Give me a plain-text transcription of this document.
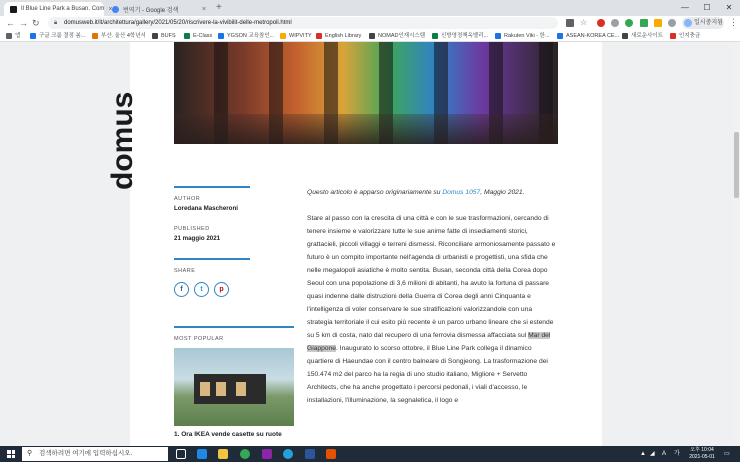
Il Blue Line Park a Busan. Com × 번역기 - Google 검색	× +	—	☐	✕
← → ↻ 🔒︎ domusweb.it/it/architettura/gallery/2021/05/20/riscrivere-la-vivibilit-delle-metropoli.html	☆	일시중지됨 ⋮
앱	구글 크롬 결점 봄...	부산. 울산 4학년서	BUFS	E-Class	YGSON 교육참인...	WIPVITY English Library	NOMAD인재시스템	신방영정책옥밸리...	Rakuten Viki - 한...	ASEAN-KOREA CE... 새로운사이트	인지충금
domus
AUTHOR
Loredana Mascheroni
PUBLISHED
21 maggio 2021
SHARE
f	t	p
MOST POPULAR
1. Ora IKEA vende casette su ruote

Questo articolo è apparso originariamente su Domus 1057, Maggio 2021.

Stare al passo con la crescita di una città e con le sue trasformazioni, cercando di tenere insieme e valorizzare tutte le sue anime fatte di insediamenti storici, grattacieli, piccoli villaggi e terreni dismessi. Riconciliare armoniosamente passato e futuro è un compito importante nell'agenda di urbanisti e progettisti, una sfida che nelle megalopoli asiatiche è molto sentita. Busan, seconda città della Corea dopo Seoul con una popolazione di 3,6 milioni di abitanti, ha avuto la fortuna di passare quasi indenne dalle distruzioni della Guerra di Corea degli anni Cinquanta e l'intelligenza di voler conservare le sue stratificazioni valorizzandole con una strategia territoriale il cui esito più recente è un parco urbano lineare che si estende su 5 km di costa, nato dal recupero di una ferrovia dismessa affacciata sul Mar del Giappone. Inaugurato lo scorso ottobre, il Blue Line Park collega il dinamico quartiere di Haeundae con il centro balneare di Songjeong. La trasformazione dei 150.474 m2 del parco ha la regia di uno studio italiano, Migliore + Servetto Architects, che ha anche progettato i percorsi pedonali, i viali d'accesso, le installazioni, l'illuminazione, la segnaletica, il logo e

⚲ 검색하려면 여기에 입력하십시오.	▲ ◢ A 가
오후 10:04
2021-05-01	▭
